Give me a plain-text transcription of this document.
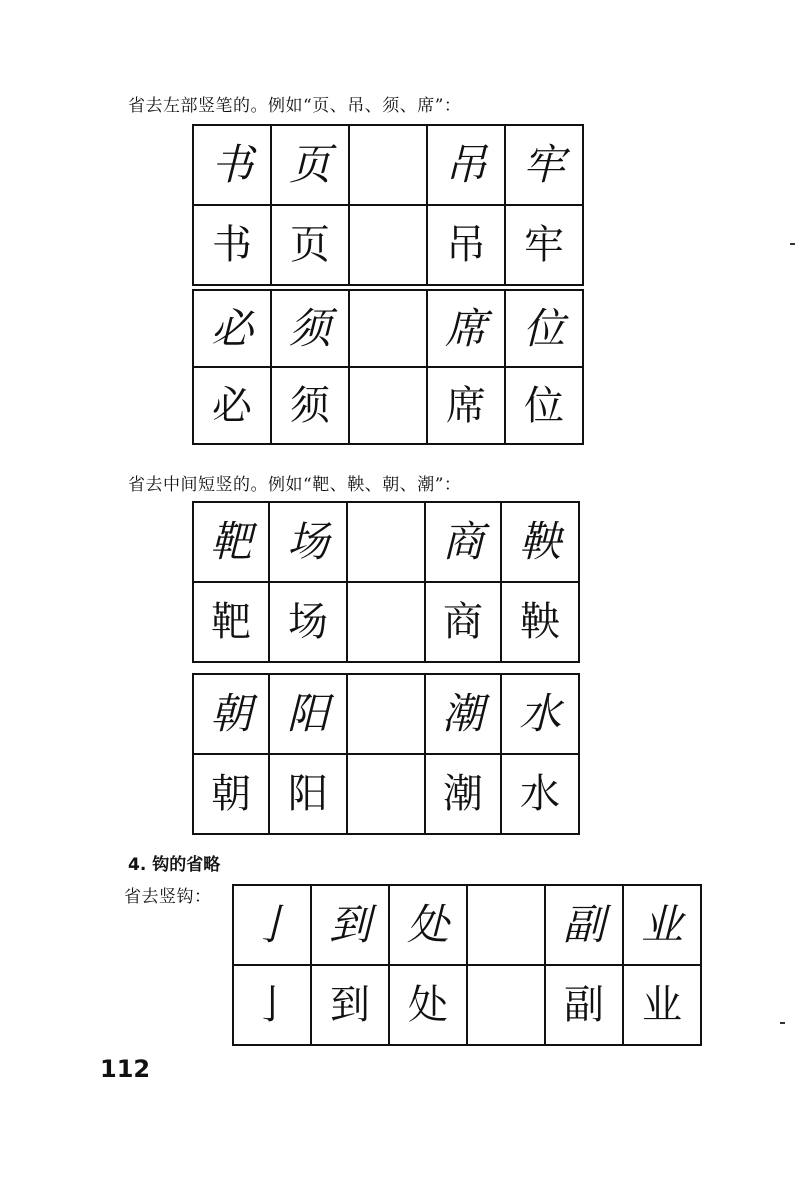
省去左部竖笔的。例如“页、吊、须、席”：
书	页		吊	牢
书	页		吊	牢
必	须		席	位
必	须		席	位
省去中间短竖的。例如“靶、鞅、朝、潮”：
靶	场		商	鞅
靶	场		商	鞅
朝	阳		潮	水
朝	阳		潮	水
4. 钩的省略
省去竖钩：
亅	到	处		副	业
亅	到	处		副	业
112
